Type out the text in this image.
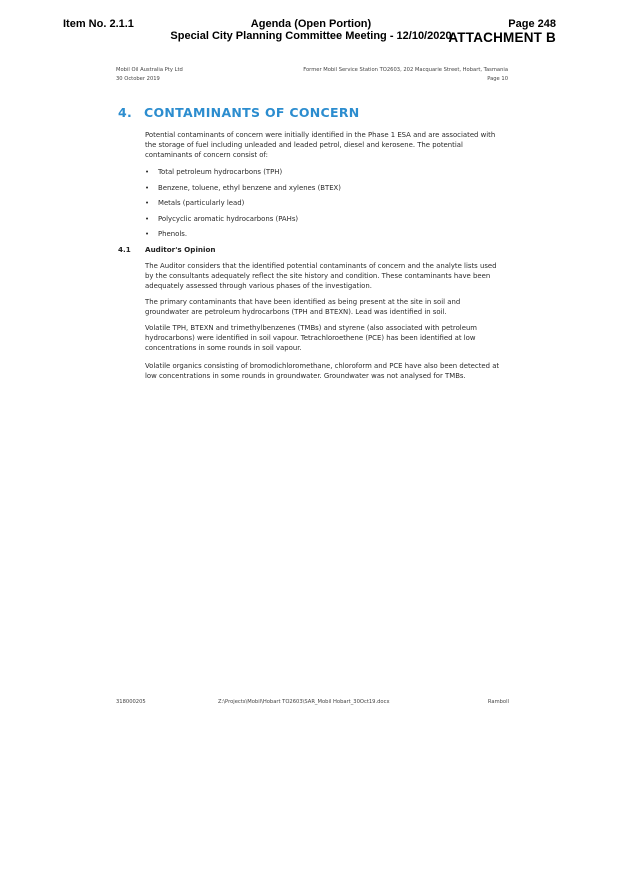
Item No. 2.1.1	Agenda (Open Portion)
Special City Planning Committee Meeting - 12/10/2020
Page 248
ATTACHMENT B
Mobil Oil Australia Pty Ltd
30 October 2019
Former Mobil Service Station TO2603, 202 Macquarie Street, Hobart, Tasmania
Page 10
4. CONTAMINANTS OF CONCERN
Potential contaminants of concern were initially identified in the Phase 1 ESA and are associated with the storage of fuel including unleaded and leaded petrol, diesel and kerosene. The potential contaminants of concern consist of:
• Total petroleum hydrocarbons (TPH)
• Benzene, toluene, ethyl benzene and xylenes (BTEX)
• Metals (particularly lead)
• Polycyclic aromatic hydrocarbons (PAHs)
• Phenols.
4.1 Auditor's Opinion
The Auditor considers that the identified potential contaminants of concern and the analyte lists used by the consultants adequately reflect the site history and condition. These contaminants have been adequately assessed through various phases of the investigation.
The primary contaminants that have been identified as being present at the site in soil and groundwater are petroleum hydrocarbons (TPH and BTEXN). Lead was identified in soil.
Volatile TPH, BTEXN and trimethylbenzenes (TMBs) and styrene (also associated with petroleum hydrocarbons) were identified in soil vapour. Tetrachloroethene (PCE) has been identified at low concentrations in some rounds in soil vapour.
Volatile organics consisting of bromodichloromethane, chloroform and PCE have also been detected at low concentrations in some rounds in groundwater. Groundwater was not analysed for TMBs.
318000205	Z:\Projects\Mobil\Hobart TO2603\SAR_Mobil Hobart_30Oct19.docx	Ramboll
